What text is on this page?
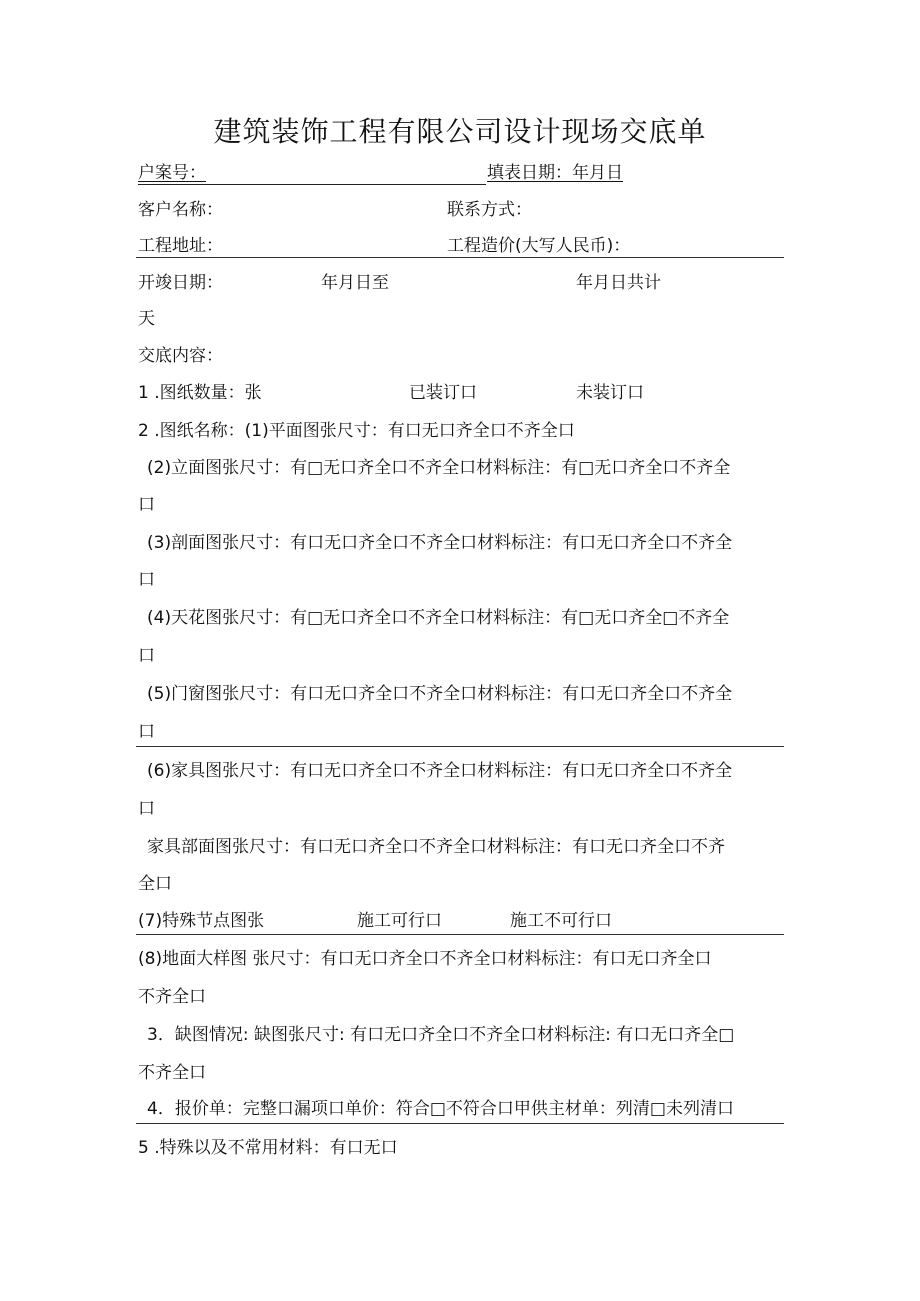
建筑装饰工程有限公司设计现场交底单
户案号：	填表日期：年月日
客户名称：	联系方式：
工程地址：	工程造价(大写人民币)：
开竣日期：	年月日至	年月日共计
天
交底内容：
1 .图纸数量：张	已装订口	未装订口
2 .图纸名称：(1)平面图张尺寸：有口无口齐全口不齐全口
(2)立面图张尺寸：有□无口齐全口不齐全口材料标注：有□无口齐全口不齐全
口
(3)剖面图张尺寸：有口无口齐全口不齐全口材料标注：有口无口齐全口不齐全
口
(4)天花图张尺寸：有□无口齐全口不齐全口材料标注：有□无口齐全□不齐全
口
(5)门窗图张尺寸：有口无口齐全口不齐全口材料标注：有口无口齐全口不齐全
口
(6)家具图张尺寸：有口无口齐全口不齐全口材料标注：有口无口齐全口不齐全
口
家具部面图张尺寸：有口无口齐全口不齐全口材料标注：有口无口齐全口不齐
全口
(7)特殊节点图张	施工可行口	施工不可行口
(8)地面大样图 张尺寸：有口无口齐全口不齐全口材料标注：有口无口齐全口
不齐全口
3．缺图情况: 缺图张尺寸: 有口无口齐全口不齐全口材料标注: 有口无口齐全□
不齐全口
4．报价单：完整口漏项口单价：符合□不符合口甲供主材单：列清□未列清口
5 .特殊以及不常用材料：有口无口
